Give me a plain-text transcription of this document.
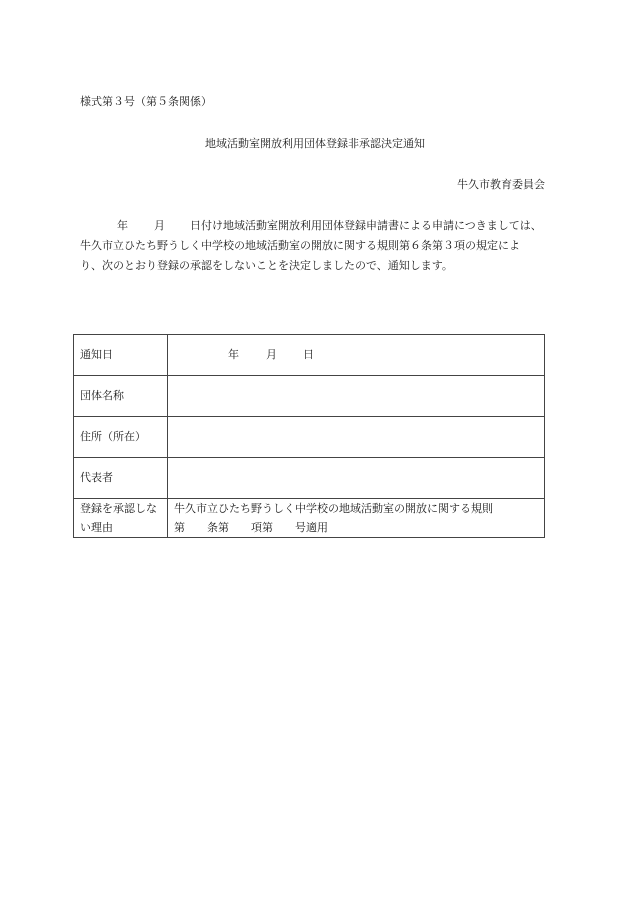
様式第３号（第５条関係）
地域活動室開放利用団体登録非承認決定通知
牛久市教育委員会
年 月 日付け地域活動室開放利用団体登録申請書による申請につきましては、
牛久市立ひたち野うしく中学校の地域活動室の開放に関する規則第６条第３項の規定によ
り、次のとおり登録の承認をしないことを決定しましたので、通知します。
通知日	年 月 日
団体名称	
住所（所在）	
代表者	
登録を承認しない理由	牛久市立ひたち野うしく中学校の地域活動室の開放に関する規則
第 条第 項第 号適用
